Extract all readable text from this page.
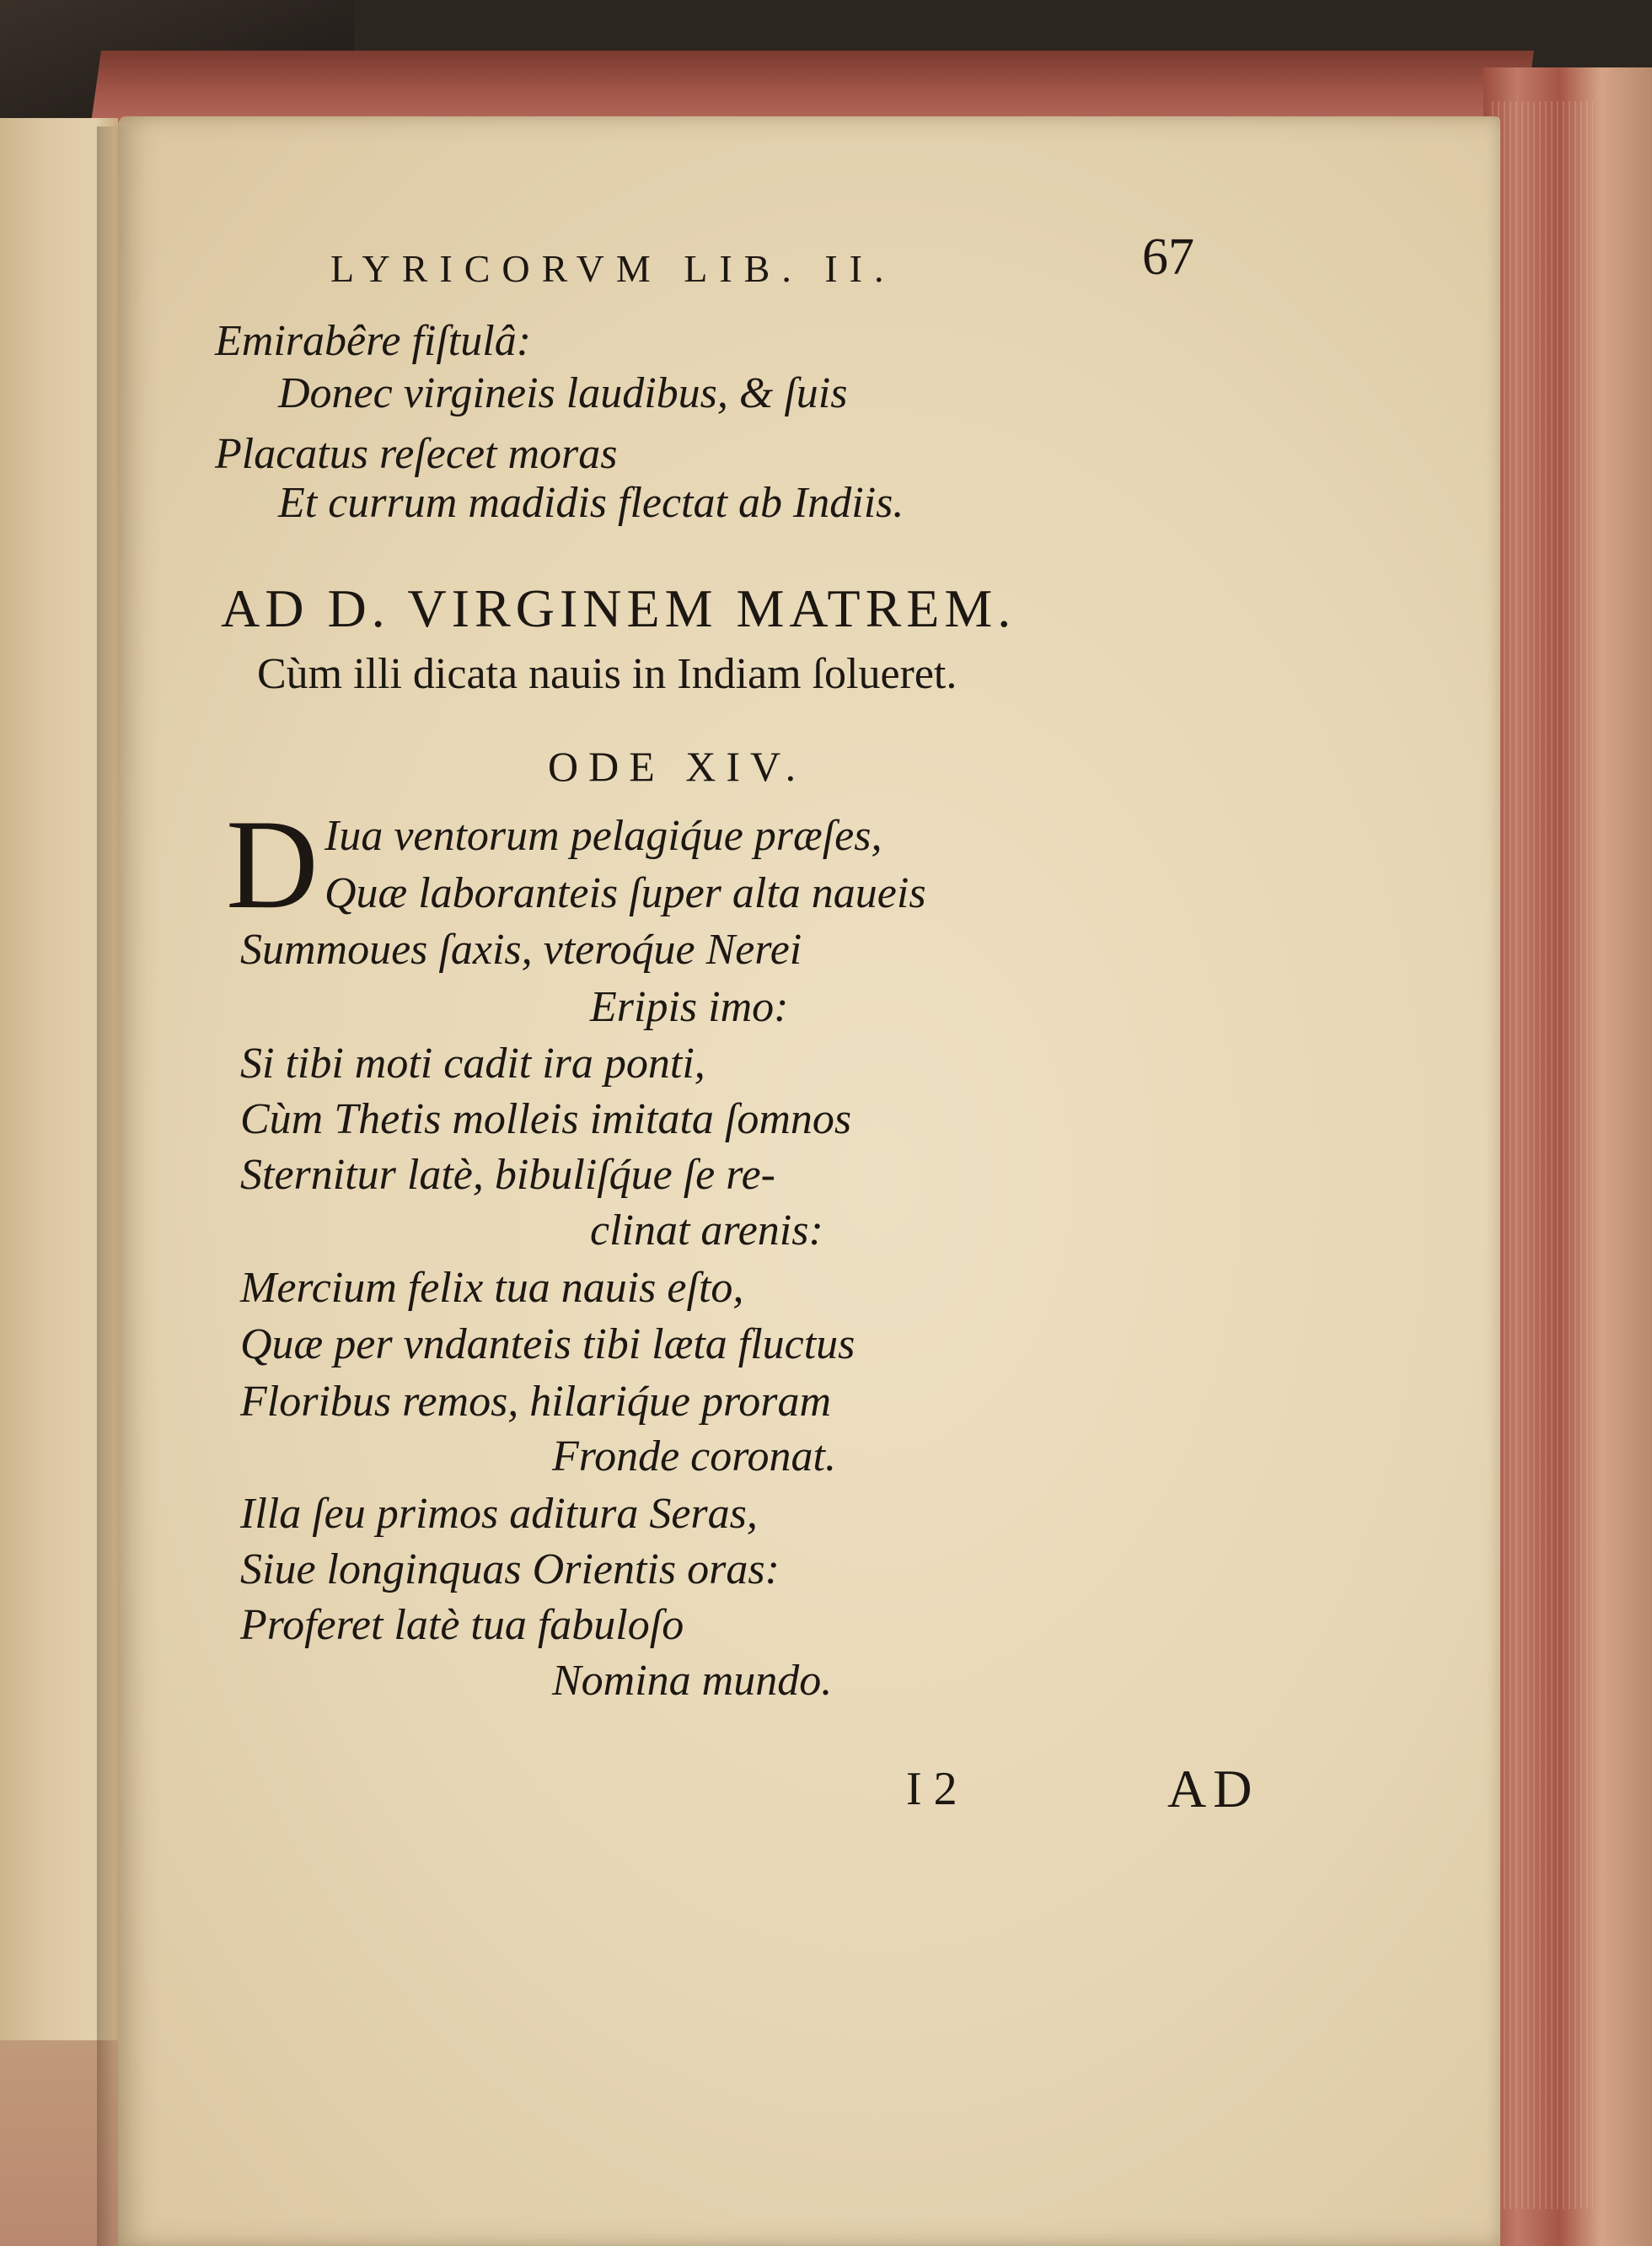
LYRICORVM LIB. II.	67
Emirabêre fiſtulâ:
Donec virgineis laudibus, & ſuis
Placatus reſecet moras
Et currum madidis flectat ab Indiis.
AD D. VIRGINEM MATREM.
Cùm illi dicata nauis in Indiam ſolueret.
ODE XIV.
D Iua ventorum pelagiq́ue præſes,
Quæ laboranteis ſuper alta naueis
Summoues ſaxis, vteroq́ue Nerei
Eripis imo:
Si tibi moti cadit ira ponti,
Cùm Thetis molleis imitata ſomnos
Sternitur latè, bibuliſq́ue ſe re-
clinat arenis:
Mercium felix tua nauis eſto,
Quæ per vndanteis tibi læta fluctus
Floribus remos, hilariq́ue proram
Fronde coronat.
Illa ſeu primos aditura Seras,
Siue longinquas Orientis oras:
Proferet latè tua fabuloſo
Nomina mundo.
I 2	AD
